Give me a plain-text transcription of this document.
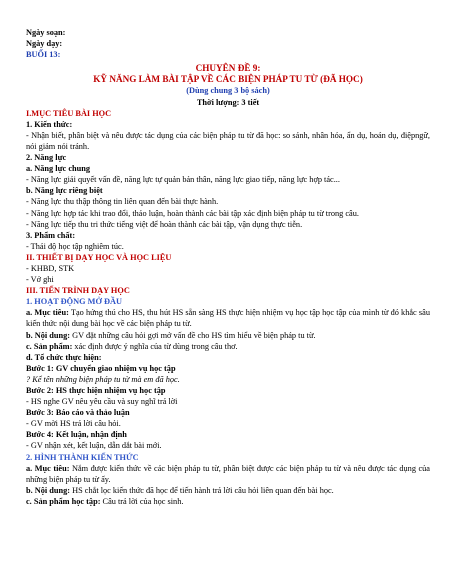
Ngày soạn:
Ngày dạy:
BUỔI 13:
CHUYÊN ĐỀ 9:
KỸ NĂNG LÀM BÀI TẬP VỀ CÁC BIỆN PHÁP TU TỪ (ĐÃ HỌC)
(Dùng chung 3 bộ sách)
Thời lượng: 3 tiết
I.MỤC TIÊU BÀI HỌC
1. Kiến thức:
- Nhận biết, phân biệt và nêu được tác dụng của các biện pháp tu từ đã học: so sánh, nhân hóa, ẩn dụ, hoán dụ, điệpngữ, nói giảm nói tránh.
2. Năng lực
a. Năng lực chung
- Năng lực giải quyết vấn đề, năng lực tự quản bản thân, năng lực giao tiếp, năng lực hợp tác...
b. Năng lực riêng biệt
- Năng lực thu thập thông tin liên quan đến bài thực hành.
- Năng lực hợp tác khi trao đổi, thảo luận, hoàn thành các bài tập xác định biện pháp tu từ trong câu.
- Năng lực tiếp thu tri thức tiếng việt để hoàn thành các bài tập, vận dụng thực tiễn.
3. Phẩm chất:
- Thái độ học tập nghiêm túc.
II. THIẾT BỊ DẠY HỌC VÀ HỌC LIỆU
- KHBD, STK
- Vở ghi
III. TIẾN TRÌNH DẠY HỌC
1. HOẠT ĐỘNG MỞ ĐẦU
a. Mục tiêu: Tạo hứng thú cho HS, thu hút HS sẵn sàng HS thực hiện nhiệm vụ học tập học tập của mình từ đó khắc sâu kiến thức nội dung bài học về các biện pháp tu từ.
b. Nội dung: GV đặt những câu hỏi gợi mở vấn đề cho HS tìm hiểu về biện pháp tu từ.
c. Sản phẩm: xác định được ý nghĩa của từ dùng trong câu thơ.
d. Tổ chức thực hiện:
Bước 1: GV chuyển giao nhiệm vụ học tập
? Kể tên những biện pháp tu từ mà em đã học.
Bước 2: HS thực hiện nhiệm vụ học tập
- HS nghe GV nêu yêu cầu và suy nghĩ trả lời
Bước 3: Báo cáo và thảo luận
- GV mời HS trả lời câu hỏi.
Bước 4: Kết luận, nhận định
- GV nhận xét, kết luận, dẫn dắt bài mới.
2. HÌNH THÀNH KIẾN THỨC
a. Mục tiêu: Nắm được kiến thức về các biện pháp tu từ, phân biệt được các biện pháp tu từ và nêu được tác dụng của những biện pháp tu từ ấy.
b. Nội dung: HS chắt lọc kiến thức đã học để tiến hành trả lời câu hỏi liên quan đến bài học.
c. Sản phẩm học tập: Câu trả lời của học sinh.
